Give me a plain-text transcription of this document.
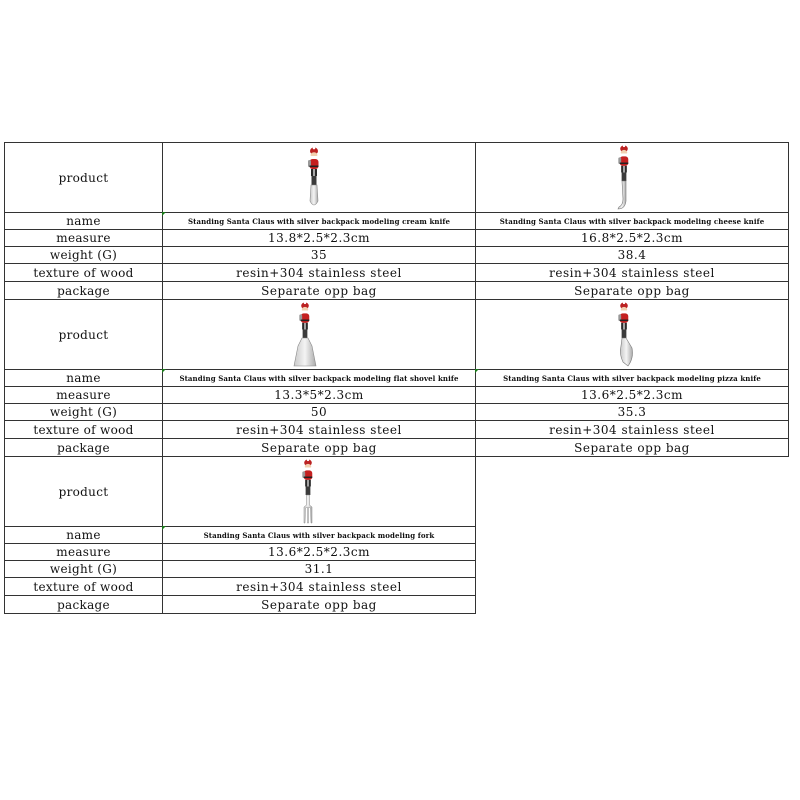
product
name	Standing Santa Claus with silver backpack modeling cream knife	Standing Santa Claus with silver backpack modeling cheese knife
measure	13.8*2.5*2.3cm	16.8*2.5*2.3cm
weight (G)	35	38.4
texture of wood	resin+304 stainless steel	resin+304 stainless steel
package	Separate opp bag	Separate opp bag
product
name	Standing Santa Claus with silver backpack modeling flat shovel knife	Standing Santa Claus with silver backpack modeling pizza knife
measure	13.3*5*2.3cm	13.6*2.5*2.3cm
weight (G)	50	35.3
texture of wood	resin+304 stainless steel	resin+304 stainless steel
package	Separate opp bag	Separate opp bag
product
name	Standing Santa Claus with silver backpack modeling fork
measure	13.6*2.5*2.3cm
weight (G)	31.1
texture of wood	resin+304 stainless steel
package	Separate opp bag
